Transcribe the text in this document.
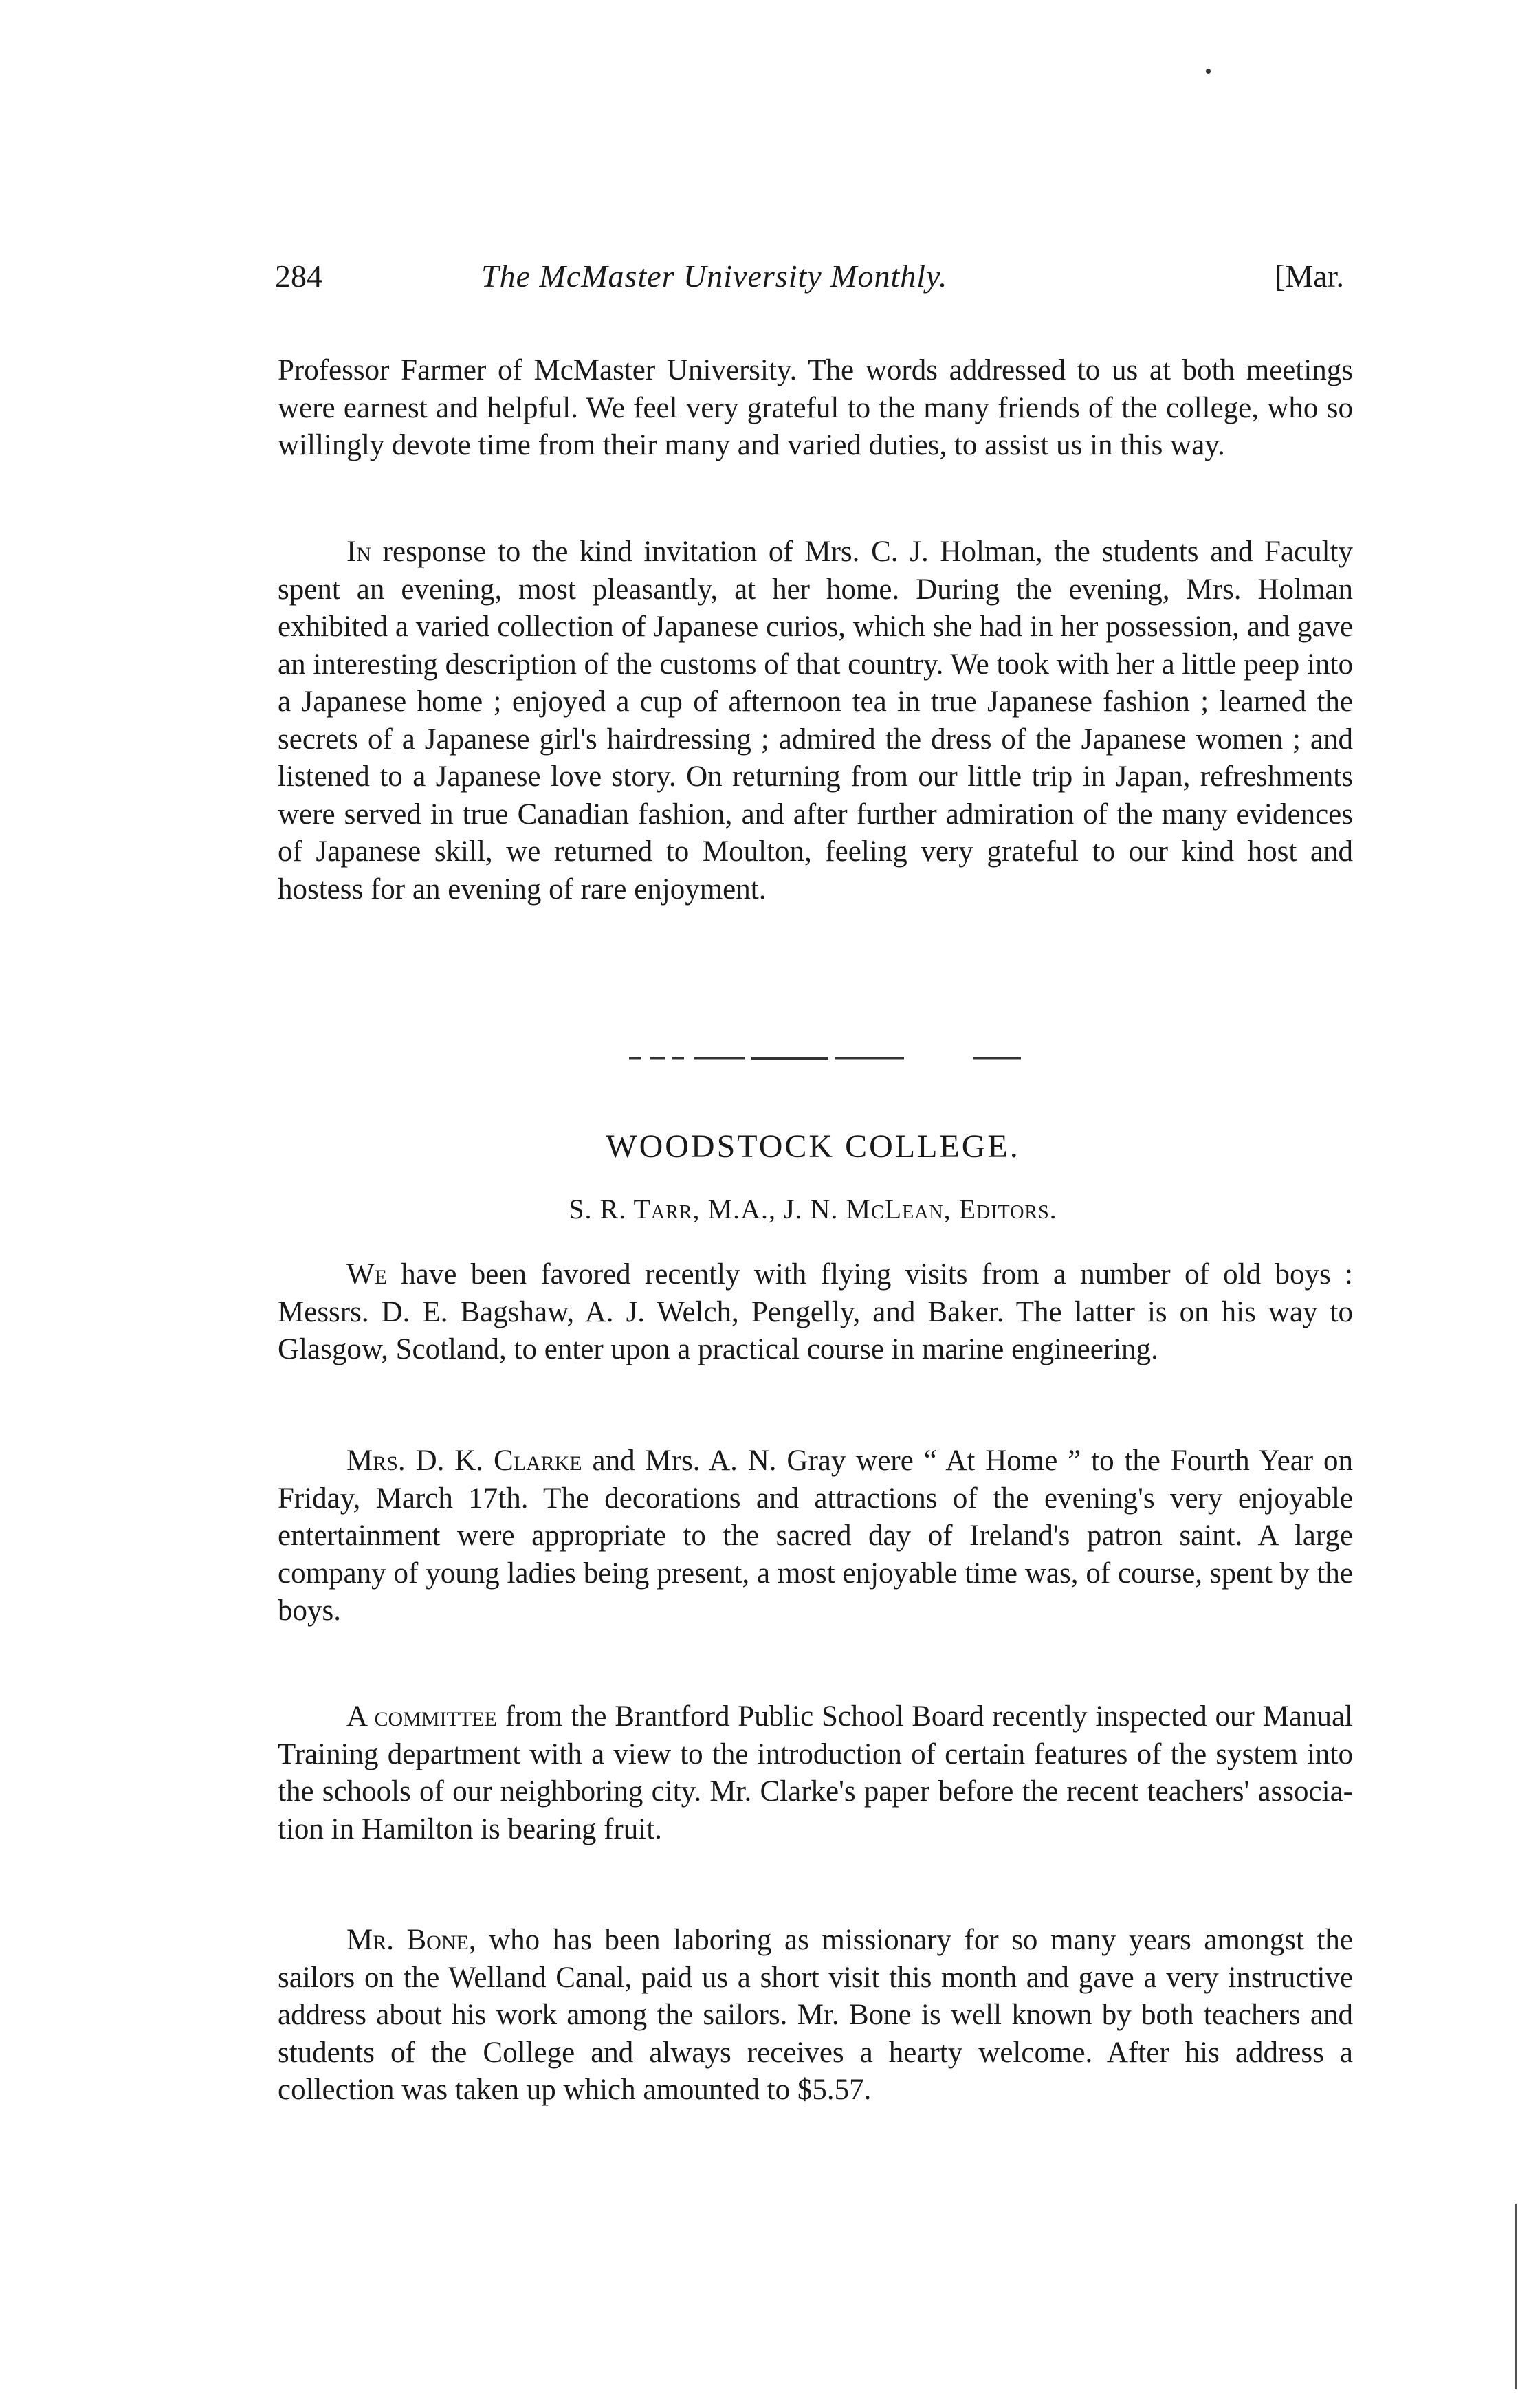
284	The McMaster University Monthly.	[Mar.

Professor Farmer of McMaster University. The words addressed to us at both meetings were earnest and helpful. We feel very grateful to the many friends of the college, who so willingly devote time from their many and varied duties, to assist us in this way.

In response to the kind invitation of Mrs. C. J. Holman, the students and Faculty spent an evening, most pleasantly, at her home. During the evening, Mrs. Holman exhibited a varied collection of Japanese curios, which she had in her possession, and gave an interesting description of the customs of that country. We took with her a little peep into a Japanese home ; enjoyed a cup of afternoon tea in true Japanese fashion ; learned the secrets of a Japanese girl's hairdressing ; admired the dress of the Japanese women ; and listened to a Japanese love story. On returning from our little trip in Japan, refreshments were served in true Canadian fashion, and after further admiration of the many evidences of Japanese skill, we returned to Moulton, feeling very grateful to our kind host and hostess for an evening of rare enjoyment.

WOODSTOCK COLLEGE.
S. R. Tarr, M.A., J. N. McLean, Editors.

We have been favored recently with flying visits from a number of old boys : Messrs. D. E. Bagshaw, A. J. Welch, Pengelly, and Baker. The latter is on his way to Glasgow, Scotland, to enter upon a practical course in marine engineering.

Mrs. D. K. Clarke and Mrs. A. N. Gray were “ At Home ” to the Fourth Year on Friday, March 17th. The decorations and attractions of the evening's very enjoyable entertainment were appropriate to the sacred day of Ireland's patron saint. A large company of young ladies being present, a most enjoyable time was, of course, spent by the boys.

A committee from the Brantford Public School Board recently inspected our Manual Training department with a view to the introduction of certain features of the system into the schools of our neighboring city. Mr. Clarke's paper before the recent teachers' association in Hamilton is bearing fruit.

Mr. Bone, who has been laboring as missionary for so many years amongst the sailors on the Welland Canal, paid us a short visit this month and gave a very instructive address about his work among the sailors. Mr. Bone is well known by both teachers and students of the College and always receives a hearty welcome. After his address a collection was taken up which amounted to $5.57.
